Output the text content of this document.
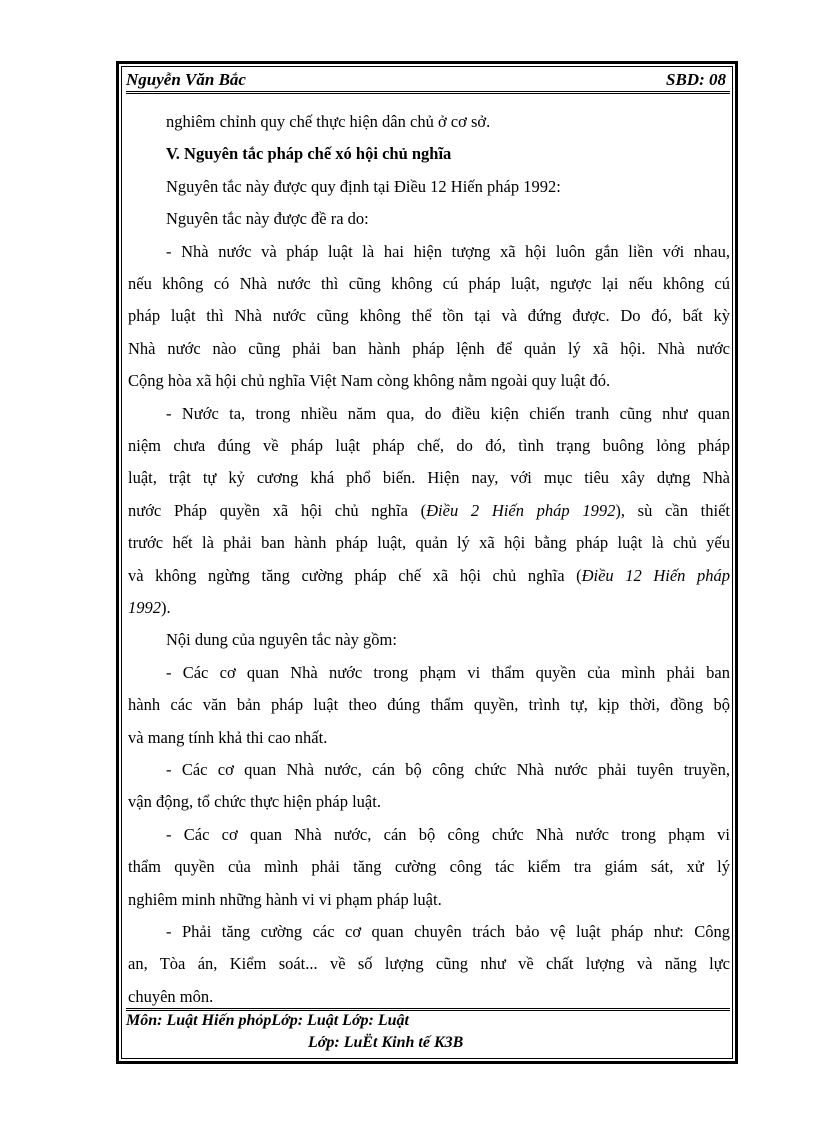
Nguyễn Văn Bắc	SBD: 08
nghiêm chỉnh quy chế thực hiện dân chủ ở cơ sở.
V. Nguyên tắc pháp chế xó hội chủ nghĩa
Nguyên tắc này được quy định tại Điều 12 Hiến pháp 1992:
Nguyên tắc này được đề ra do:
- Nhà nước và pháp luật là hai hiện tượng xã hội luôn gắn liền với nhau,
nếu không có Nhà nước thì cũng không cú pháp luật, ngược lại nếu không cú
pháp luật thì Nhà nước cũng không thể tồn tại và đứng được. Do đó, bất kỳ
Nhà nước nào cũng phải ban hành pháp lệnh để quản lý xã hội. Nhà nước
Cộng hòa xã hội chủ nghĩa Việt Nam còng không nằm ngoài quy luật đó.
- Nước ta, trong nhiều năm qua, do điều kiện chiến tranh cũng như quan
niệm chưa đúng về pháp luật pháp chế, do đó, tình trạng buông lỏng pháp
luật, trật tự kỷ cương khá phổ biến. Hiện nay, với mục tiêu xây dựng Nhà
nước Pháp quyền xã hội chủ nghĩa (Điều 2 Hiến pháp 1992), sù cần thiết
trước hết là phải ban hành pháp luật, quản lý xã hội bằng pháp luật là chủ yếu
và không ngừng tăng cường pháp chế xã hội chủ nghĩa (Điều 12 Hiến pháp
1992).
Nội dung của nguyên tắc này gồm:
- Các cơ quan Nhà nước trong phạm vi thẩm quyền của mình phải ban
hành các văn bản pháp luật theo đúng thẩm quyền, trình tự, kịp thời, đồng bộ
và mang tính khả thi cao nhất.
- Các cơ quan Nhà nước, cán bộ công chức Nhà nước phải tuyên truyền,
vận động, tổ chức thực hiện pháp luật.
- Các cơ quan Nhà nước, cán bộ công chức Nhà nước trong phạm vi
thẩm quyền của mình phải tăng cường công tác kiểm tra giám sát, xử lý
nghiêm minh những hành vi vi phạm pháp luật.
- Phải tăng cường các cơ quan chuyên trách bảo vệ luật pháp như: Công
an, Tòa án, Kiểm soát... về số lượng cũng như về chất lượng và năng lực
chuyên môn.
Môn: Luật Hiến phỏpLớp: Luật Lớp: Luật
Lớp: LuËt Kinh tế K3B
